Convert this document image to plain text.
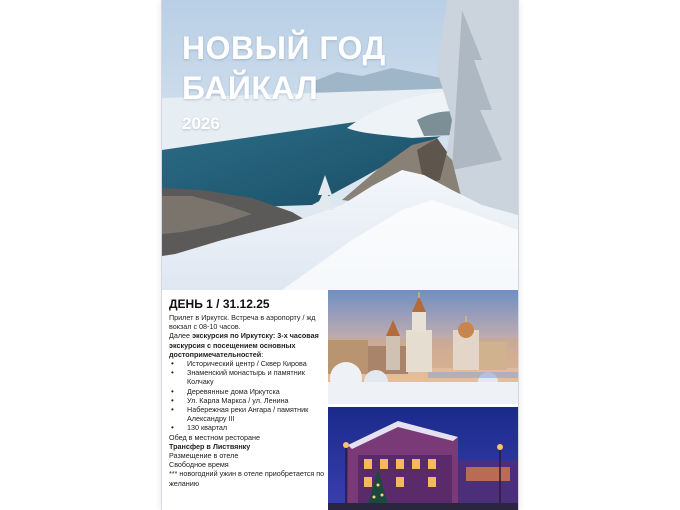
НОВЫЙ ГОД
БАЙКАЛ
2026
ДЕНЬ 1 / 31.12.25

Прилет в Иркутск. Встреча в аэропорту / жд вокзал с 08-10 часов.

Далее экскурсия по Иркутску: 3-х часовая экскурсия с посещением основных достопримечательностей:

• Исторический центр / Сквер Кирова
• Знаменский монастырь и памятник Колчаку
• Деревянные дома Иркутска
• Ул. Карла Маркса / ул. Ленина
• Набережная реки Ангара / памятник Александру III
• 130 квартал

Обед в местном ресторане

Трансфер в Листвянку

Размещение в отеле

Свободное время

*** новогодний ужин в отеле приобретается по желанию
